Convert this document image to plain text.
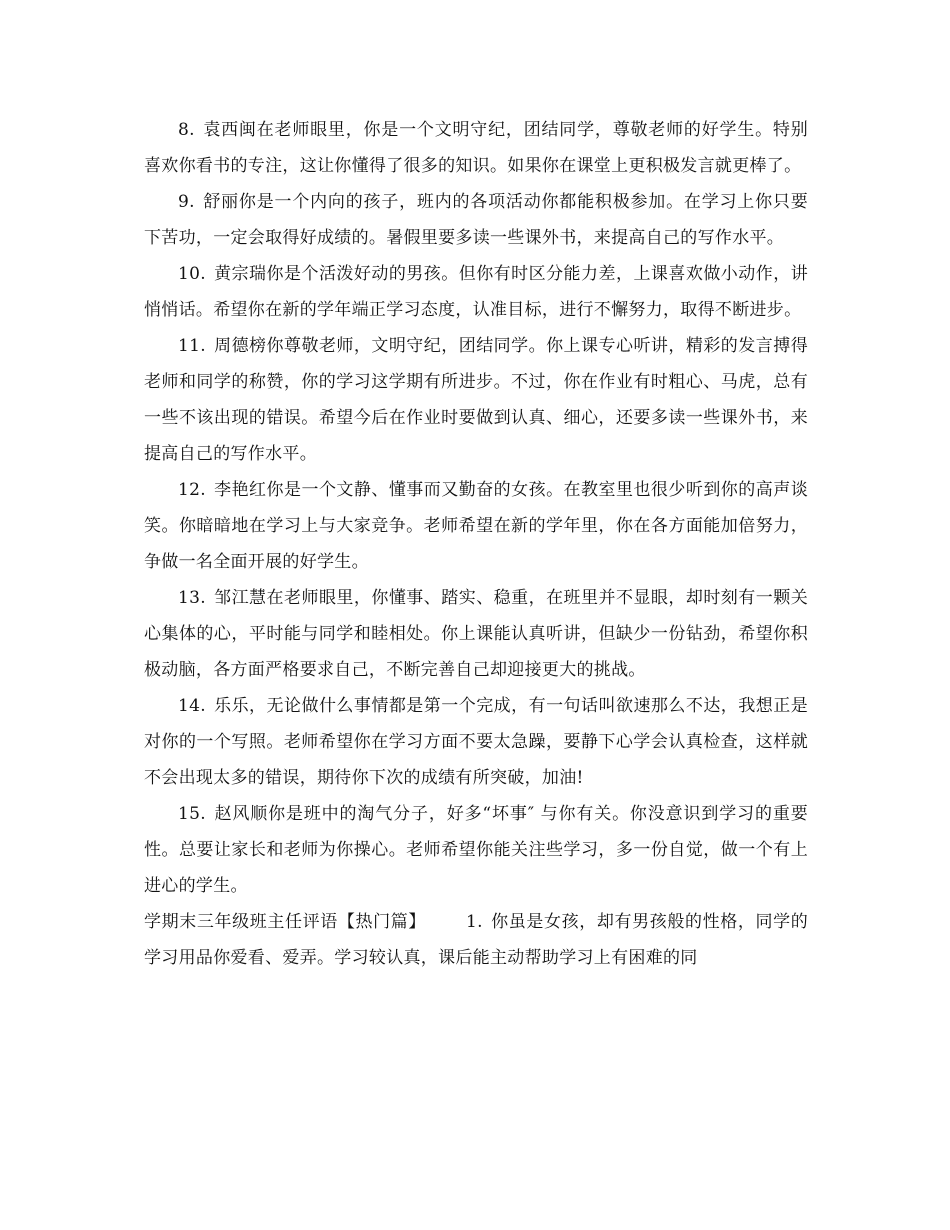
8. 袁西闽在老师眼里，你是一个文明守纪，团结同学，尊敬老师的好学生。特别喜欢你看书的专注，这让你懂得了很多的知识。如果你在课堂上更积极发言就更棒了。

9. 舒丽你是一个内向的孩子，班内的各项活动你都能积极参加。在学习上你只要下苦功，一定会取得好成绩的。暑假里要多读一些课外书，来提高自己的写作水平。

10. 黄宗瑞你是个活泼好动的男孩。但你有时区分能力差，上课喜欢做小动作，讲悄悄话。希望你在新的学年端正学习态度，认准目标，进行不懈努力，取得不断进步。

11. 周德榜你尊敬老师，文明守纪，团结同学。你上课专心听讲，精彩的发言搏得老师和同学的称赞，你的学习这学期有所进步。不过，你在作业有时粗心、马虎，总有一些不该出现的错误。希望今后在作业时要做到认真、细心，还要多读一些课外书，来提高自己的写作水平。

12. 李艳红你是一个文静、懂事而又勤奋的女孩。在教室里也很少听到你的高声谈笑。你暗暗地在学习上与大家竞争。老师希望在新的学年里，你在各方面能加倍努力，争做一名全面开展的好学生。

13. 邹江慧在老师眼里，你懂事、踏实、稳重，在班里并不显眼，却时刻有一颗关心集体的心，平时能与同学和睦相处。你上课能认真听讲，但缺少一份钻劲，希望你积极动脑，各方面严格要求自己，不断完善自己却迎接更大的挑战。

14. 乐乐，无论做什么事情都是第一个完成，有一句话叫欲速那么不达，我想正是对你的一个写照。老师希望你在学习方面不要太急躁，要静下心学会认真检查，这样就不会出现太多的错误，期待你下次的成绩有所突破，加油!

15. 赵风顺你是班中的淘气分子，好多“坏事″ 与你有关。你没意识到学习的重要性。总要让家长和老师为你操心。老师希望你能关注些学习，多一份自觉，做一个有上进心的学生。

学期末三年级班主任评语【热门篇】 1. 你虽是女孩，却有男孩般的性格，同学的学习用品你爱看、爱弄。学习较认真，课后能主动帮助学习上有困难的同
